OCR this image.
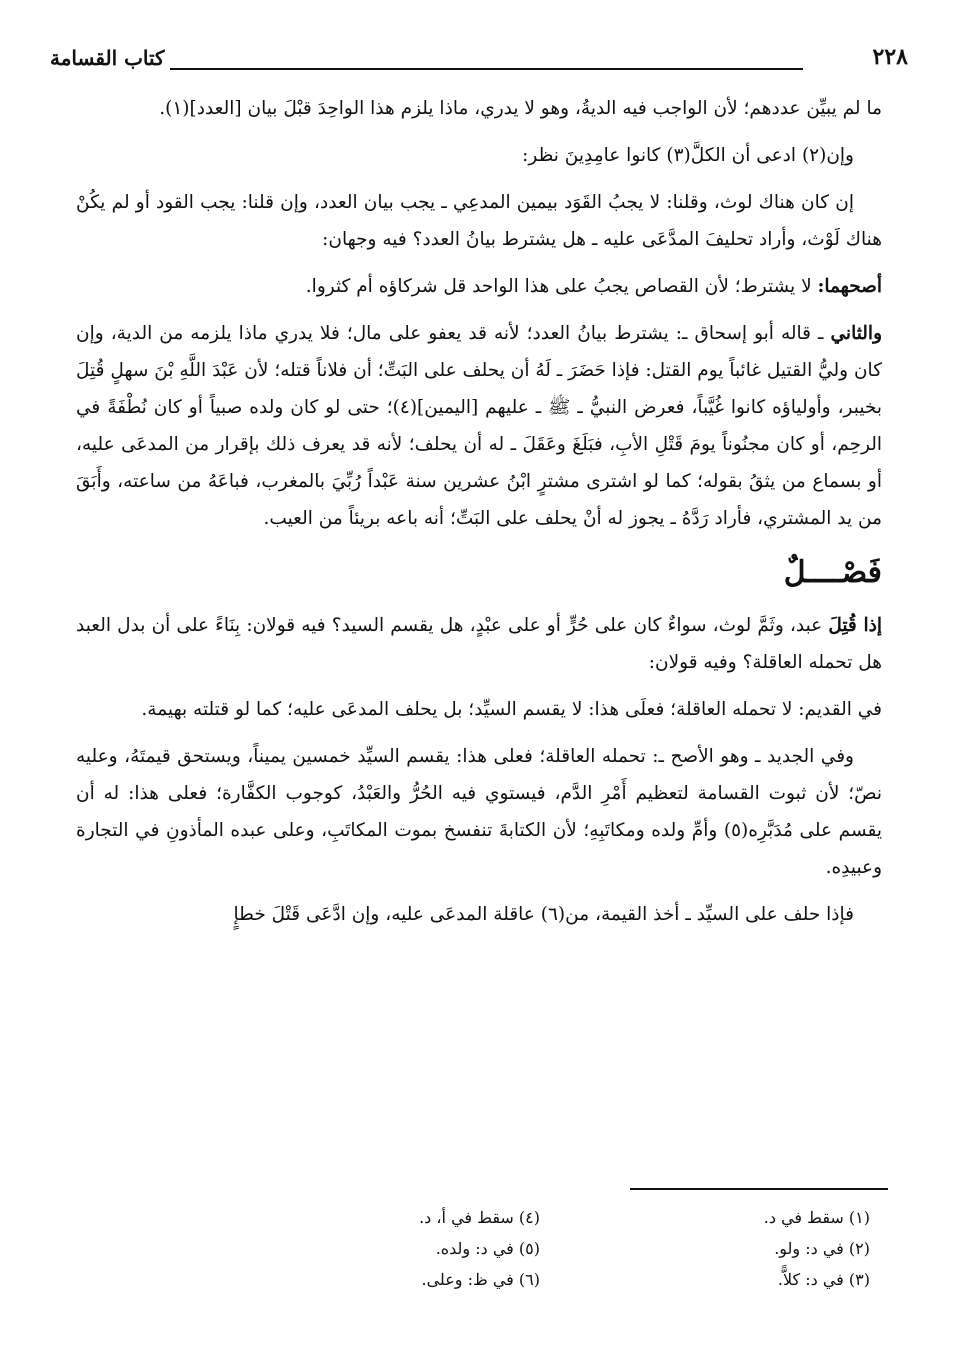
٢٢٨
كتاب القسامة

ما لم يبيِّن عددهم؛ لأن الواجب فيه الديةُ، وهو لا يدري، ماذا يلزم هذا الواحِدَ قبْلَ بيان [العدد](١).

وإن(٢) ادعى أن الكلَّ(٣) كانوا عامِدِينَ نظر:

إن كان هناك لوث، وقلنا: لا يجبُ القَوَد بيمين المدعِي ـ يجب بيان العدد، وإن قلنا: يجب القود أو لم يكُنْ هناك لَوْث، وأراد تحليفَ المدَّعَى عليه ـ هل يشترط بيانُ العدد؟ فيه وجهان:

أصحهما: لا يشترط؛ لأن القصاص يجبُ على هذا الواحد قل شركاؤه أم كثروا.

والثاني ـ قاله أبو إسحاق ـ: يشترط بيانُ العدد؛ لأنه قد يعفو على مال؛ فلا يدري ماذا يلزمه من الدية، وإن كان وليُّ القتيل غائباً يوم القتل: فإذا حَضَرَ ـ لَهُ أن يحلف على البَتِّ؛ أن فلاناً قتله؛ لأن عَبْدَ اللَّهِ بْنَ سهلٍ قُتِلَ بخيبر، وأولياؤه كانوا غُيَّباً، فعرض النبيُّ ـ ﷺ ـ عليهم [اليمين](٤)؛ حتى لو كان ولده صبياً أو كان نُطْفَةً في الرحِم، أو كان مجنُوناً يومَ قَتْلِ الأبِ، فبَلَغَ وعَقَلَ ـ له أن يحلف؛ لأنه قد يعرف ذلك بإقرار من المدعَى عليه، أو بسماع من يثقُ بقوله؛ كما لو اشترى مشترٍ ابْنُ عشرين سنة عَبْداً رُبِّيَ بالمغرب، فباعَهُ من ساعته، وأَبَقَ من يد المشتري، فأراد رَدَّهُ ـ يجوز له أنْ يحلف على البَتِّ؛ أنه باعه بريئاً من العيب.

فَصْــــلٌ

إذا قُتِلَ عبد، وثَمَّ لوث، سواءٌ كان على حُرٍّ أو على عبْدٍ، هل يقسم السيد؟ فيه قولان: بِنَاءً على أن بدل العبد هل تحمله العاقلة؟ وفيه قولان:

في القديم: لا تحمله العاقلة؛ فعلَى هذا: لا يقسم السيِّد؛ بل يحلف المدعَى عليه؛ كما لو قتلته بهيمة.

وفي الجديد ـ وهو الأصح ـ: تحمله العاقلة؛ فعلى هذا: يقسم السيِّد خمسين يميناً، ويستحق قيمتَهُ، وعليه نصّ؛ لأن ثبوت القسامة لتعظيم أَمْرِ الدَّم، فيستوي فيه الحُرُّ والعَبْدُ، كوجوب الكفَّارة؛ فعلى هذا: له أن يقسم على مُدَبَّرِه(٥) وأمِّ ولده ومكاتَبِهِ؛ لأن الكتابةَ تنفسخ بموت المكاتَبِ، وعلى عبده المأذونِ في التجارة وعبيدِه.

فإذا حلف على السيِّد ـ أخذ القيمة، من(٦) عاقلة المدعَى عليه، وإن ادَّعَى قَتْلَ خطإٍ

(١) سقط في د.
(٢) في د: ولو.
(٣) في د: كلاًّ.
(٤) سقط في أ، د.
(٥) في د: ولده.
(٦) في ظ: وعلى.
